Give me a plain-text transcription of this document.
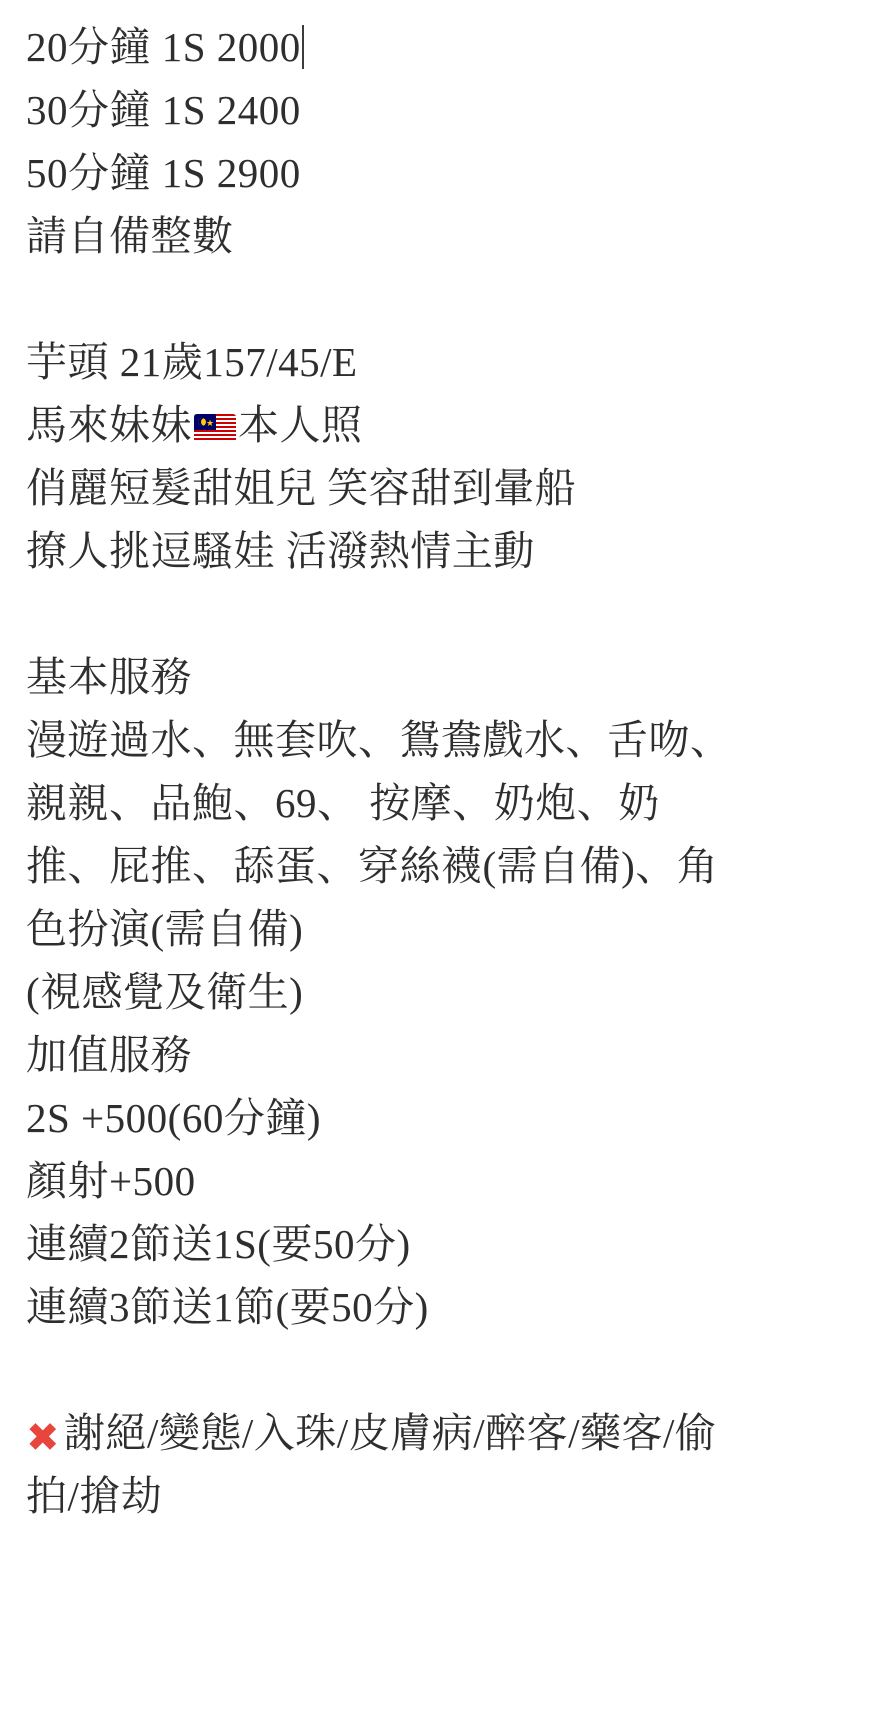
20分鐘 1S 2000
30分鐘 1S 2400
50分鐘 1S 2900
請自備整數
芋頭 21歲157/45/E
馬來妹妹 ★ 本人照
俏麗短髮甜姐兒 笑容甜到暈船
撩人挑逗騷娃 活潑熱情主動
基本服務
漫遊過水、無套吹、鴛鴦戲水、舌吻、
親親、品鮑、69、 按摩、奶炮、奶
推、屁推、舔蛋、穿絲襪(需自備)、角
色扮演(需自備)
(視感覺及衛生)
加值服務
2S +500(60分鐘)
顏射+500
連續2節送1S(要50分)
連續3節送1節(要50分)
✖謝絕/變態/入珠/皮膚病/醉客/藥客/偷
拍/搶劫
